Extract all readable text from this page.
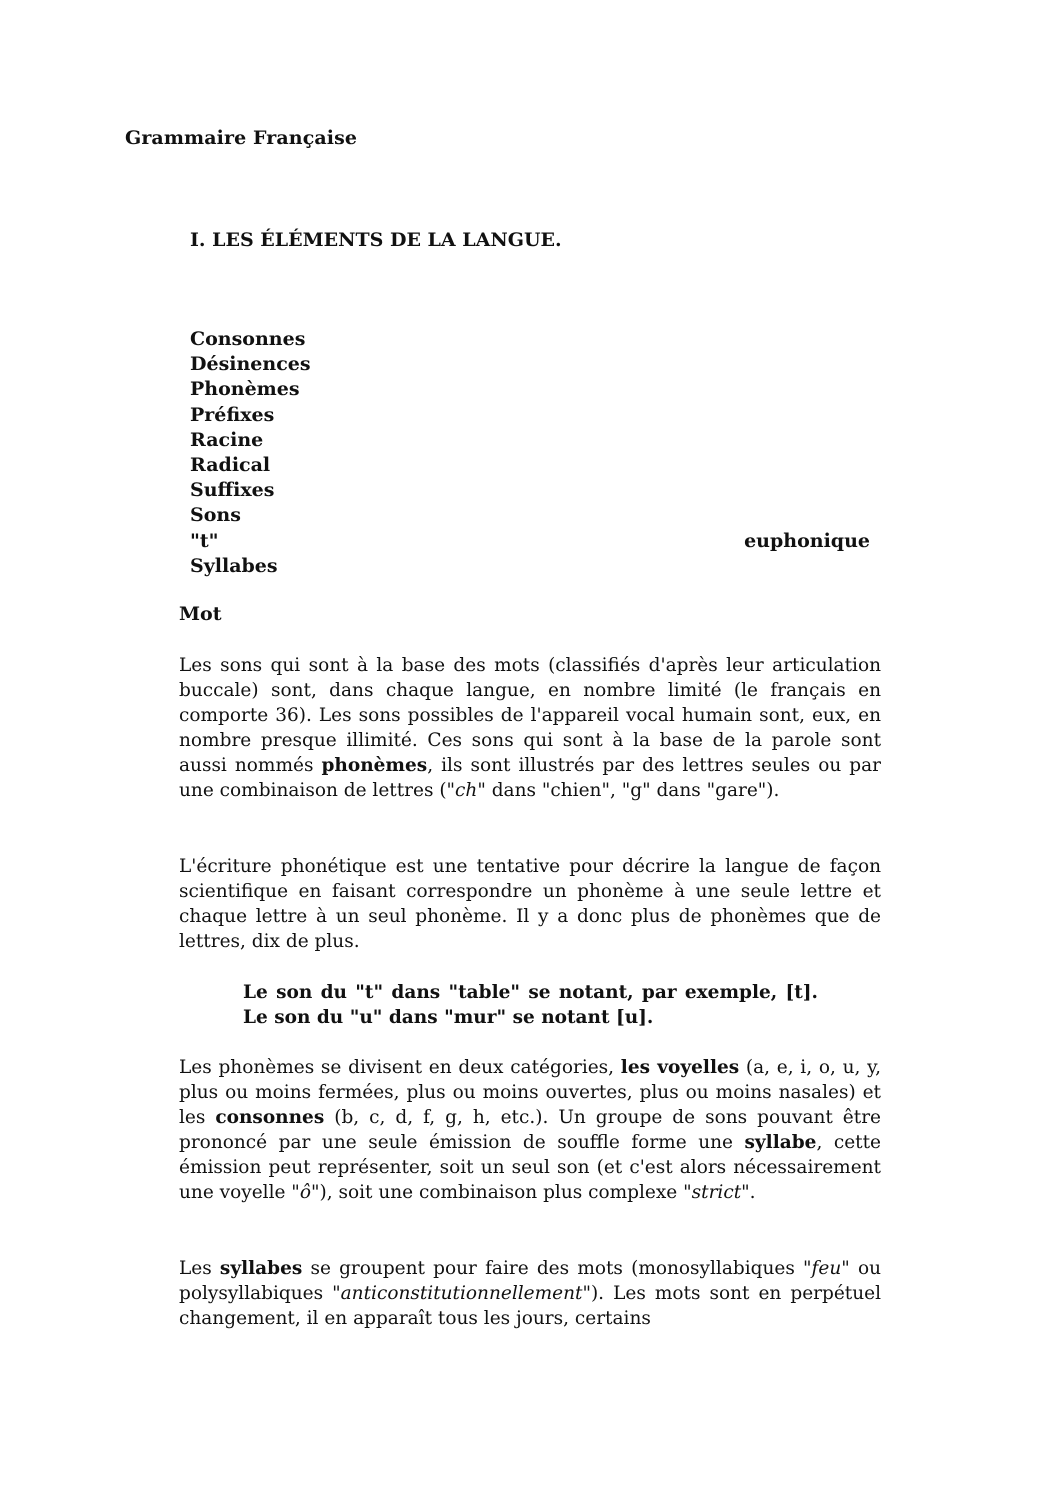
Grammaire Française
I. LES ÉLÉMENTS DE LA LANGUE.
Consonnes
Désinences
Phonèmes
Préfixes
Racine
Radical
Suffixes
Sons
"t"	euphonique
Syllabes
Mot

Les sons qui sont à la base des mots (classifiés d'après leur articulation buccale) sont, dans chaque langue, en nombre limité (le français en comporte 36). Les sons possibles de l'appareil vocal humain sont, eux, en nombre presque illimité. Ces sons qui sont à la base de la parole sont aussi nommés phonèmes, ils sont illustrés par des lettres seules ou par une combinaison de lettres ("ch" dans "chien", "g" dans "gare").

L'écriture phonétique est une tentative pour décrire la langue de façon scientifique en faisant correspondre un phonème à une seule lettre et chaque lettre à un seul phonème. Il y a donc plus de phonèmes que de lettres, dix de plus.

Le son du "t" dans "table" se notant, par exemple, [t]. Le son du "u" dans "mur" se notant [u].

Les phonèmes se divisent en deux catégories, les voyelles (a, e, i, o, u, y, plus ou moins fermées, plus ou moins ouvertes, plus ou moins nasales) et les consonnes (b, c, d, f, g, h, etc.). Un groupe de sons pouvant être prononcé par une seule émission de souffle forme une syllabe, cette émission peut représenter, soit un seul son (et c'est alors nécessairement une voyelle "ô"), soit une combinaison plus complexe "strict".

Les syllabes se groupent pour faire des mots (monosyllabiques "feu" ou polysyllabiques "anticonstitutionnellement"). Les mots sont en perpétuel changement, il en apparaît tous les jours, certains
